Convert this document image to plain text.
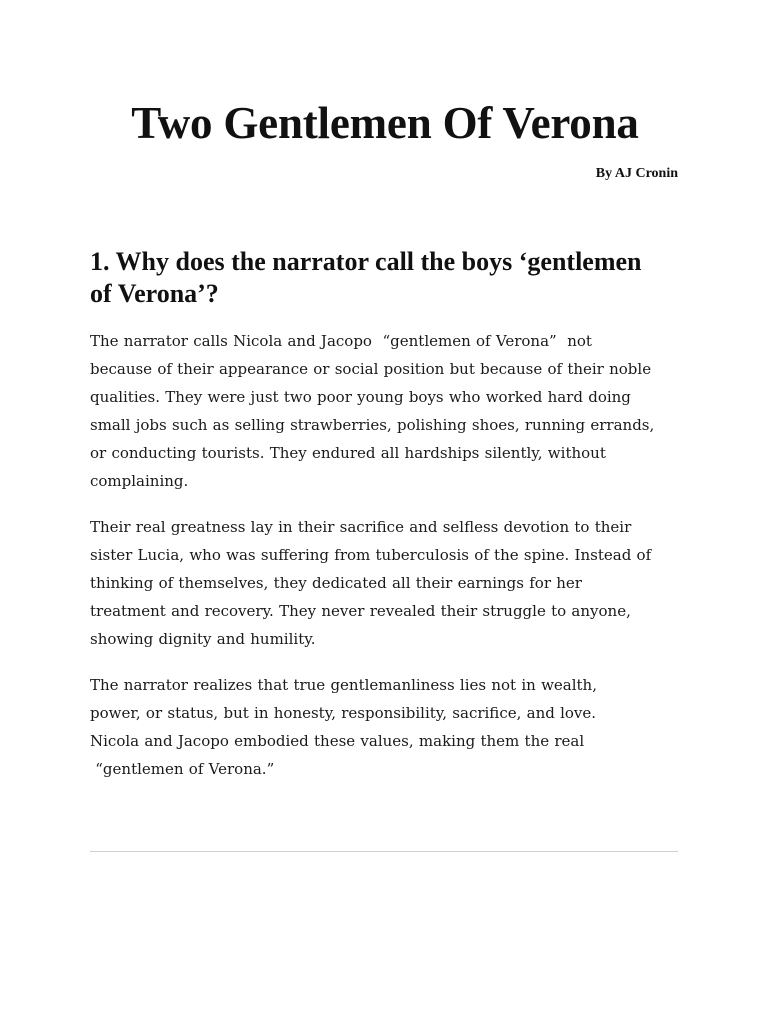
Two Gentlemen Of Verona

By AJ Cronin

1. Why does the narrator call the boys ‘gentlemen
of Verona’?

The narrator calls Nicola and Jacopo  “gentlemen of Verona”  not
because of their appearance or social position but because of their noble
qualities. They were just two poor young boys who worked hard doing
small jobs such as selling strawberries, polishing shoes, running errands,
or conducting tourists. They endured all hardships silently, without
complaining.

Their real greatness lay in their sacrifice and selfless devotion to their
sister Lucia, who was suffering from tuberculosis of the spine. Instead of
thinking of themselves, they dedicated all their earnings for her
treatment and recovery. They never revealed their struggle to anyone,
showing dignity and humility.

The narrator realizes that true gentlemanliness lies not in wealth,
power, or status, but in honesty, responsibility, sacrifice, and love.
Nicola and Jacopo embodied these values, making them the real
“gentlemen of Verona.”
